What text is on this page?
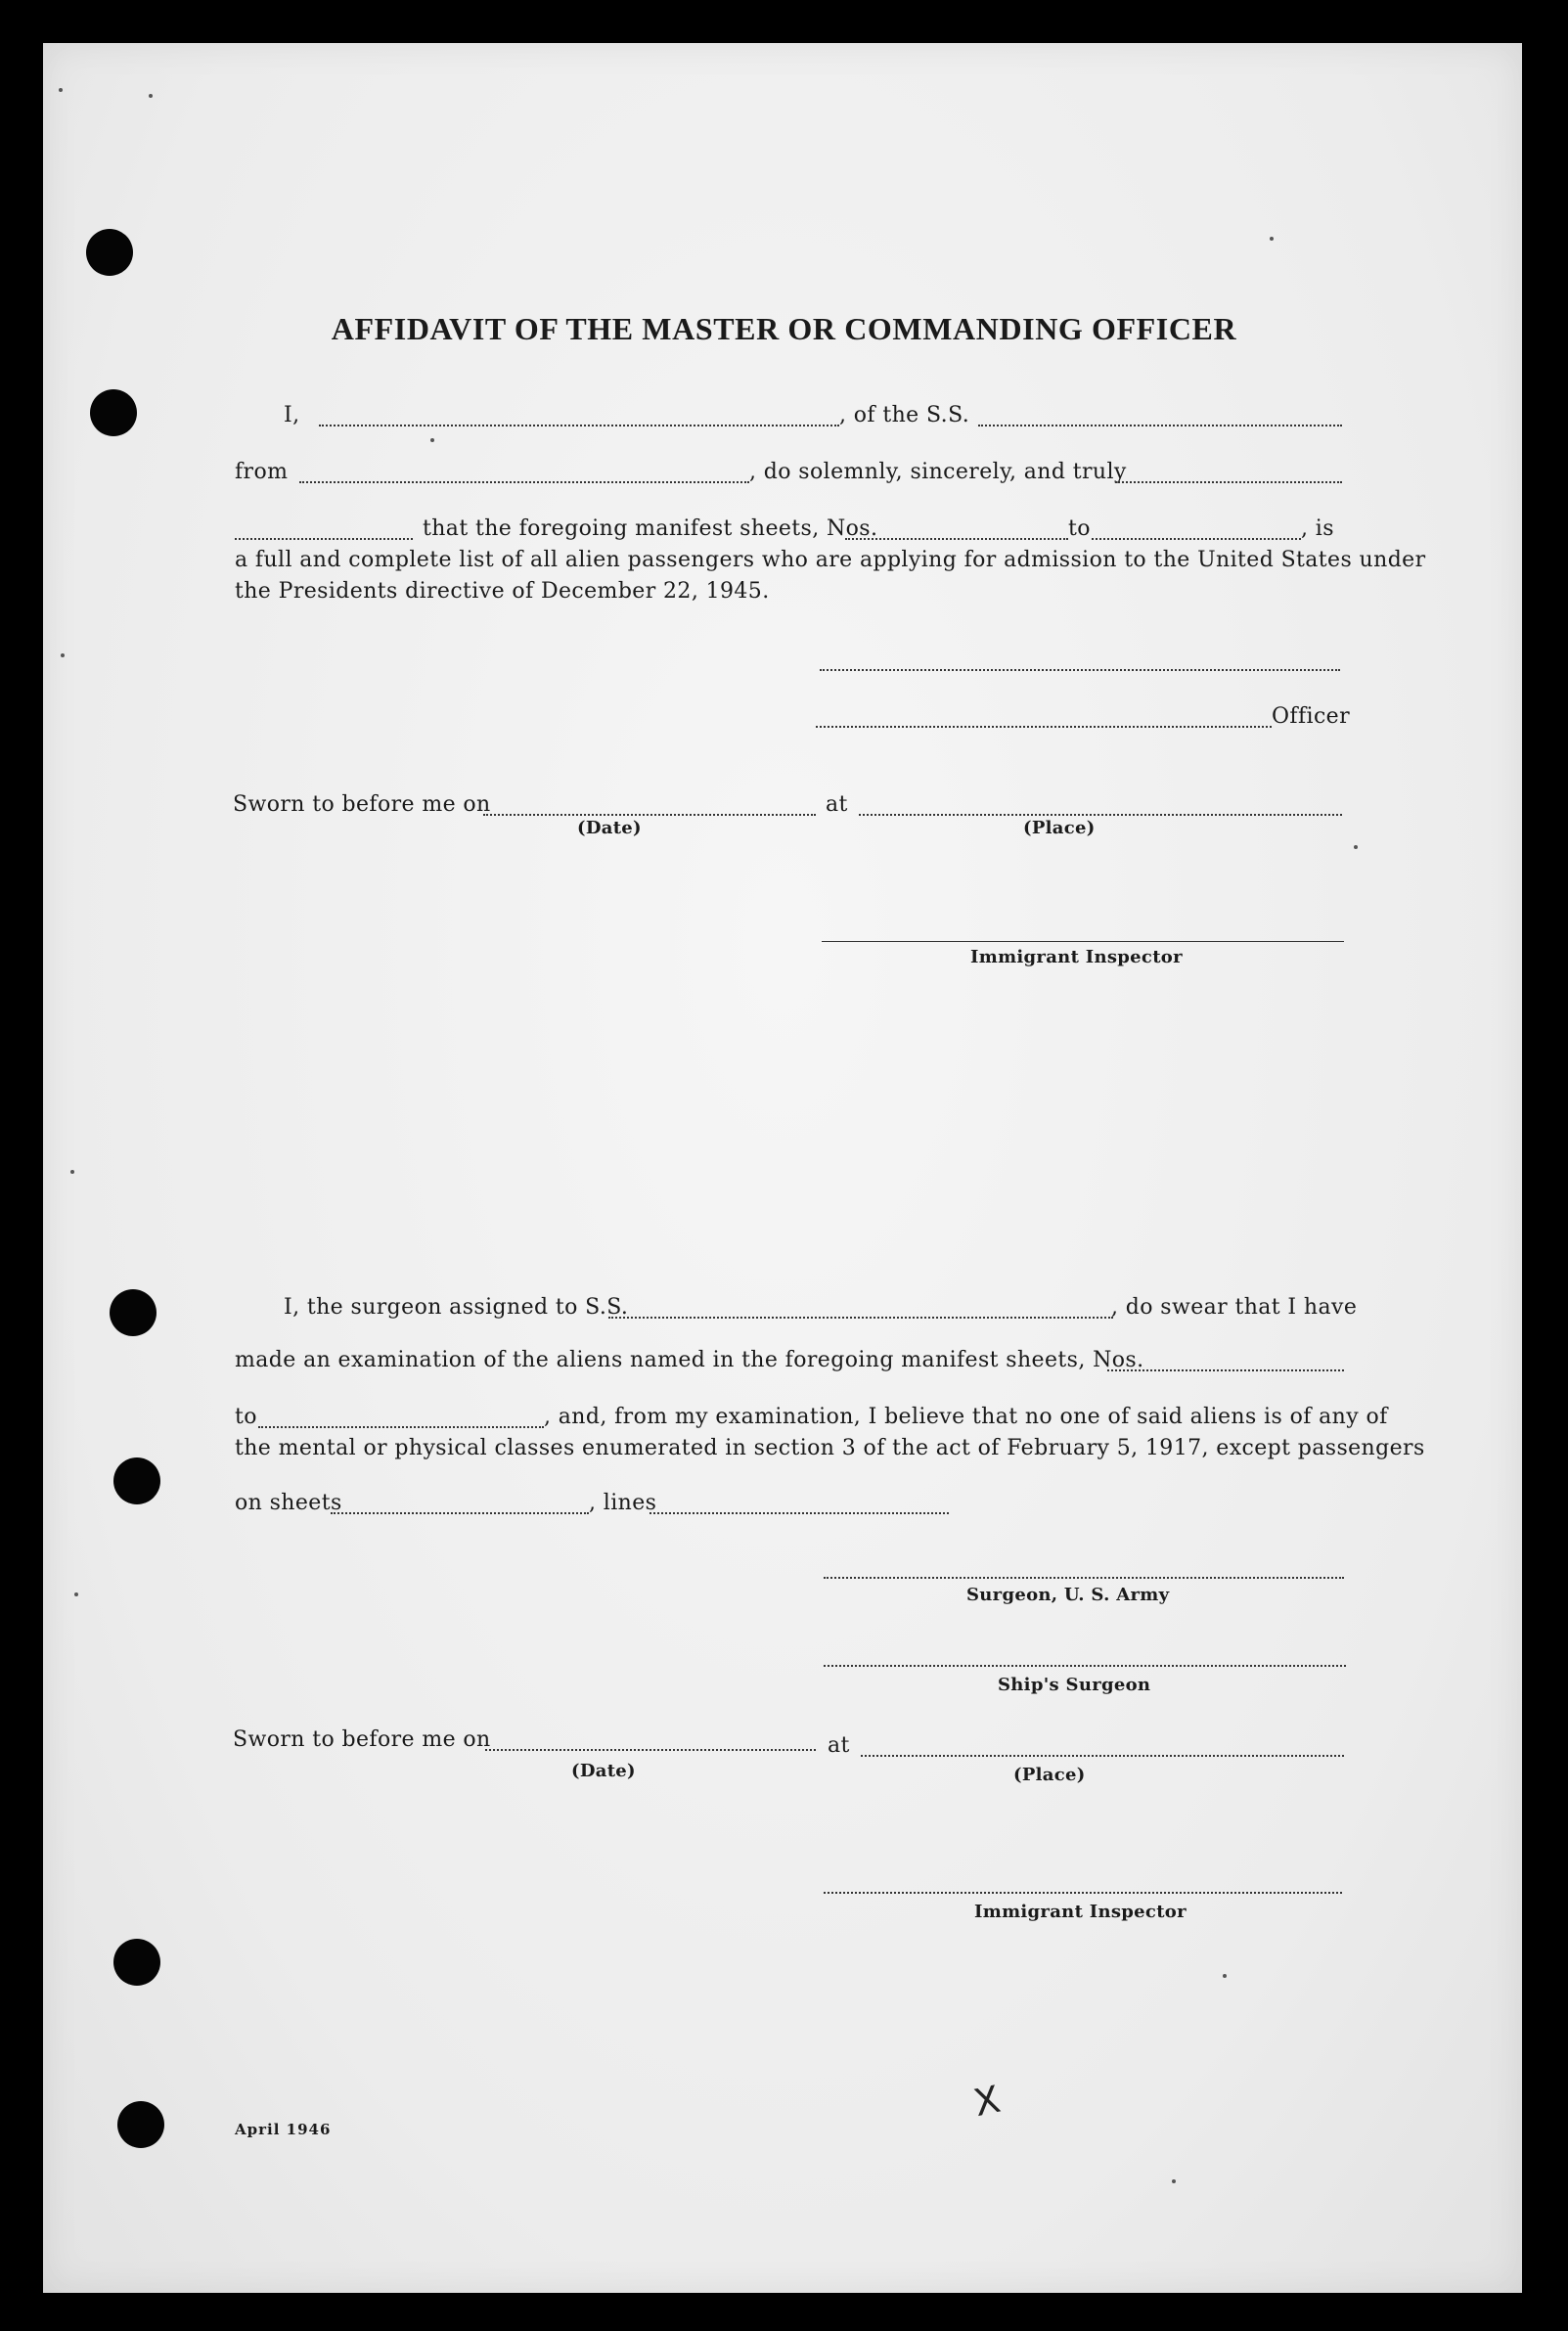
AFFIDAVIT OF THE MASTER OR COMMANDING OFFICER
I,	, of the S.S.
from	, do solemnly, sincerely, and truly
that the foregoing manifest sheets, Nos.	to	, is
a full and complete list of all alien passengers who are applying for admission to the United States under
the Presidents directive of December 22, 1945.
Officer
Sworn to before me on	at
(Date)	(Place)
Immigrant Inspector
I, the surgeon assigned to S.S.	, do swear that I have
made an examination of the aliens named in the foregoing manifest sheets, Nos.
to	, and, from my examination, I believe that no one of said aliens is of any of
the mental or physical classes enumerated in section 3 of the act of February 5, 1917, except passengers
on sheets	, lines
Surgeon, U. S. Army
Ship's Surgeon
Sworn to before me on	at
(Date)	(Place)
Immigrant Inspector
April 1946
X
